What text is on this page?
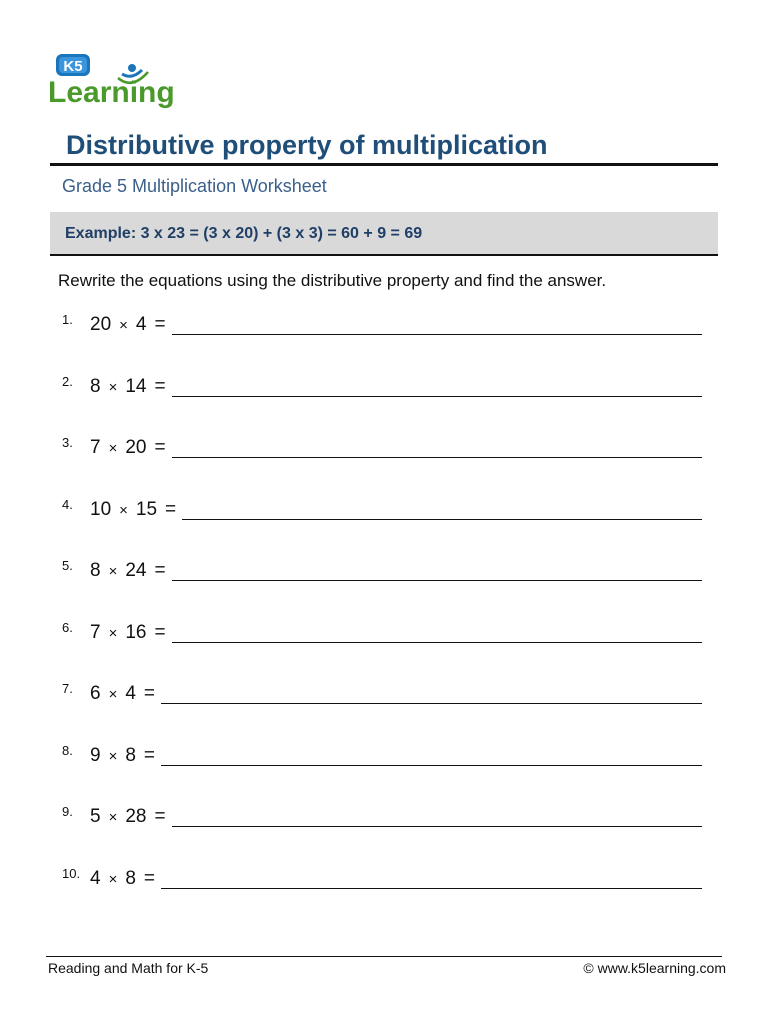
K5
Learning
Distributive property of multiplication
Grade 5 Multiplication Worksheet
Example: 3 x 23 = (3 x 20) + (3 x 3) = 60 + 9 = 69
Rewrite the equations using the distributive property and find the answer.
1. 20 × 4 =
2. 8 × 14 =
3. 7 × 20 =
4. 10 × 15 =
5. 8 × 24 =
6. 7 × 16 =
7. 6 × 4 =
8. 9 × 8 =
9. 5 × 28 =
10. 4 × 8 =
Reading and Math for K-5	© www.k5learning.com
